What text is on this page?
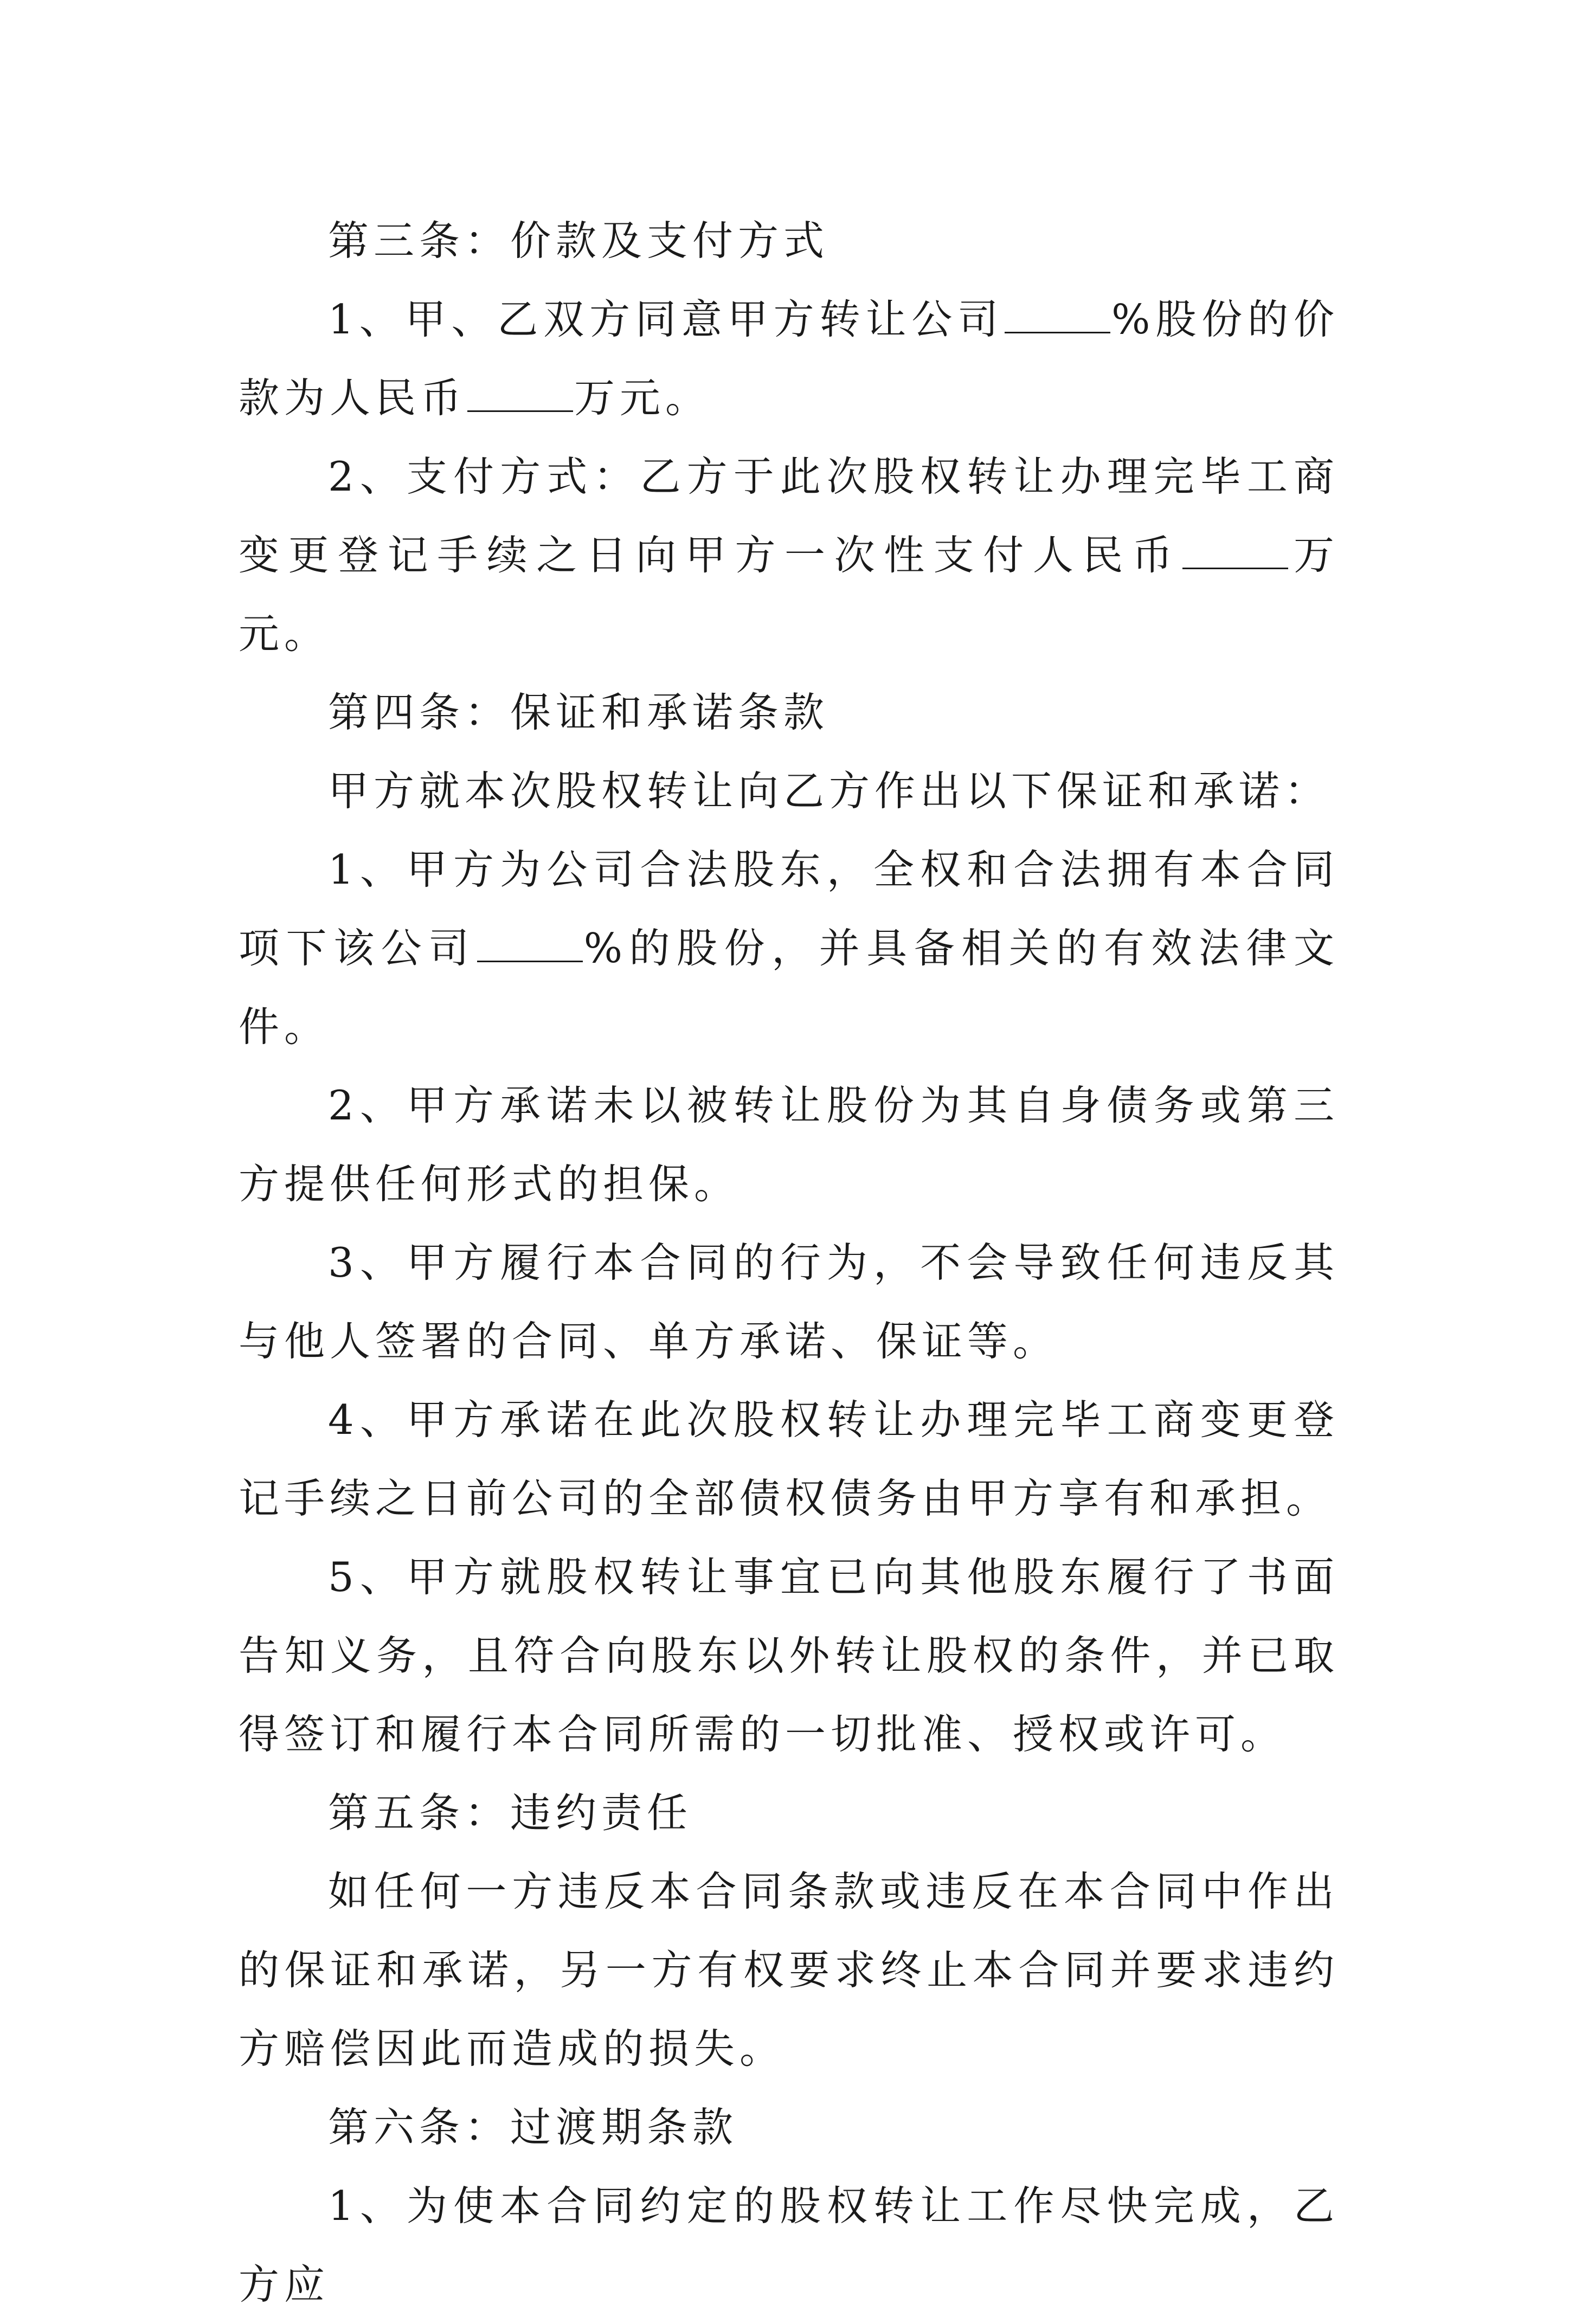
第三条：价款及支付方式

1、甲、乙双方同意甲方转让公司	%股份的价款为人民币	万元。

2、支付方式：乙方于此次股权转让办理完毕工商变更登记手续之日向甲方一次性支付人民币	万元。

第四条：保证和承诺条款

甲方就本次股权转让向乙方作出以下保证和承诺：

1、甲方为公司合法股东，全权和合法拥有本合同项下该公司	%的股份，并具备相关的有效法律文件。

2、甲方承诺未以被转让股份为其自身债务或第三方提供任何形式的担保。

3、甲方履行本合同的行为，不会导致任何违反其与他人签署的合同、单方承诺、保证等。

4、甲方承诺在此次股权转让办理完毕工商变更登记手续之日前公司的全部债权债务由甲方享有和承担。

5、甲方就股权转让事宜已向其他股东履行了书面告知义务，且符合向股东以外转让股权的条件，并已取得签订和履行本合同所需的一切批准、授权或许可。

第五条：违约责任

如任何一方违反本合同条款或违反在本合同中作出的保证和承诺，另一方有权要求终止本合同并要求违约方赔偿因此而造成的损失。

第六条：过渡期条款

1、为使本合同约定的股权转让工作尽快完成，乙方应
